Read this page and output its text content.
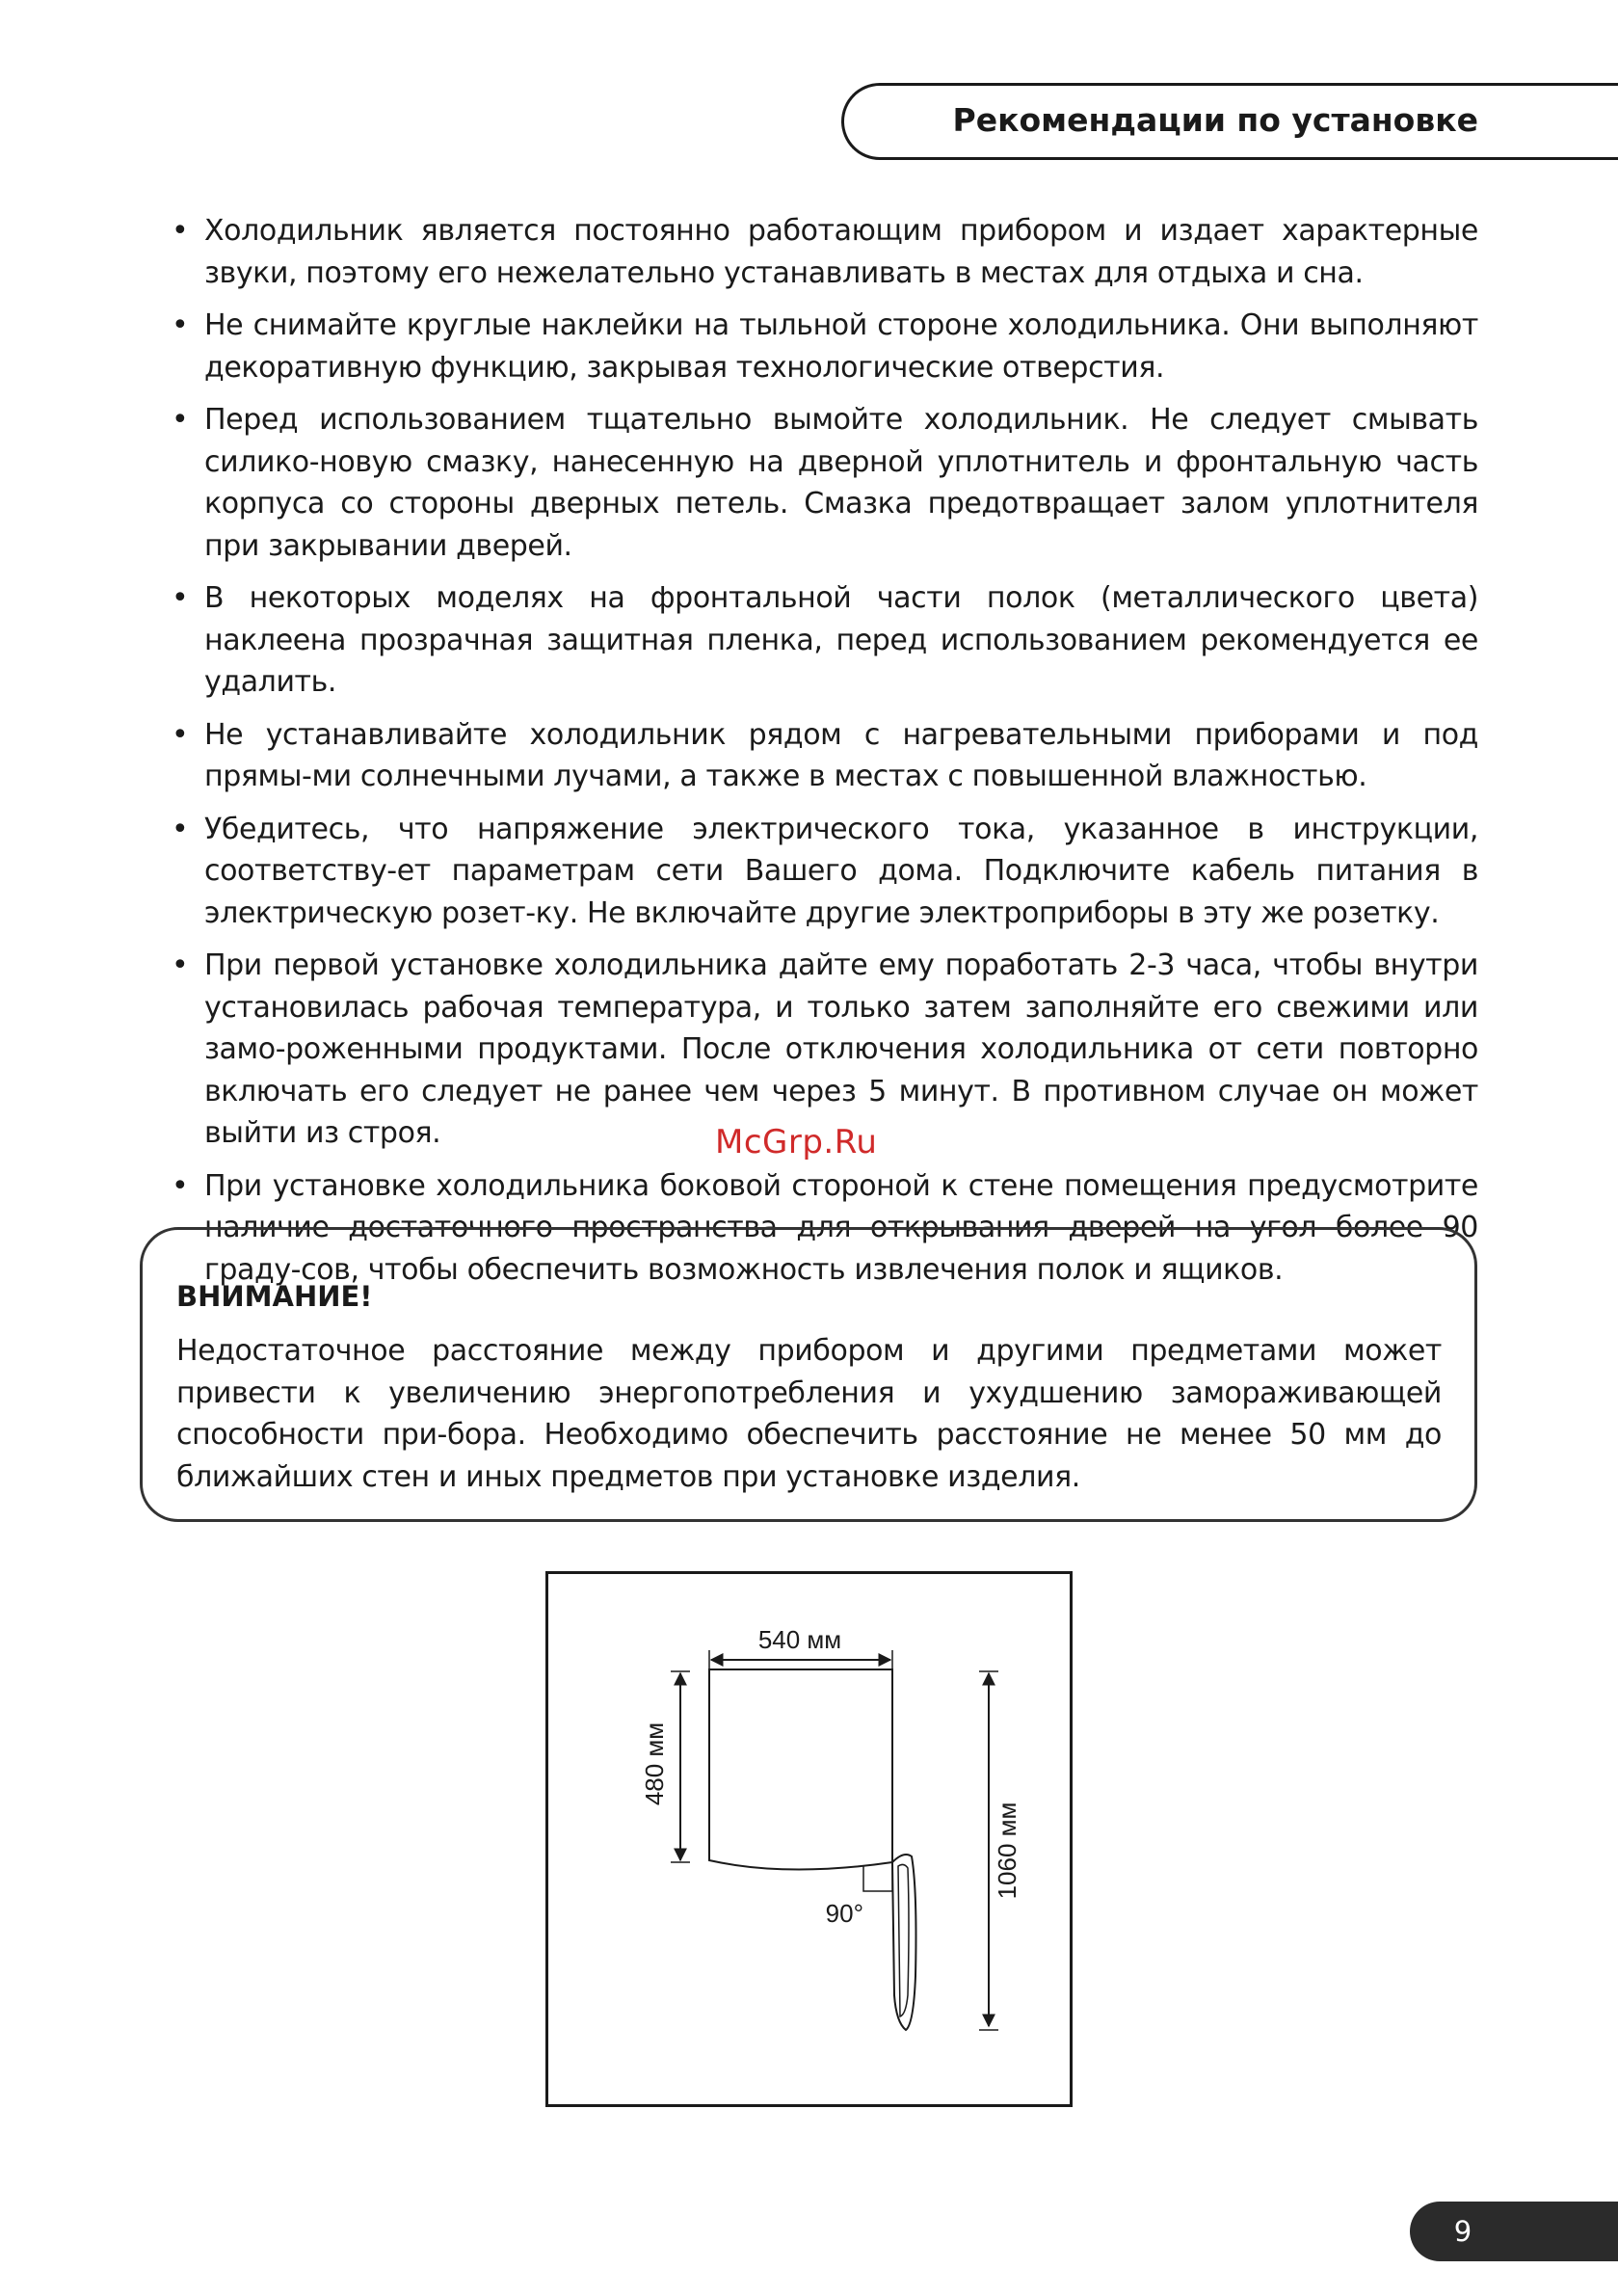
Рекомендации по установке
• Холодильник является постоянно работающим прибором и издает характерные звуки, поэтому его нежелательно устанавливать в местах для отдыха и сна.
• Не снимайте круглые наклейки на тыльной стороне холодильника. Они выполняют декоративную функцию, закрывая технологические отверстия.
• Перед использованием тщательно вымойте холодильник. Не следует смывать силико-новую смазку, нанесенную на дверной уплотнитель и фронтальную часть корпуса со стороны дверных петель. Смазка предотвращает залом уплотнителя при закрывании дверей.
• В некоторых моделях на фронтальной части полок (металлического цвета) наклеена прозрачная защитная пленка, перед использованием рекомендуется ее удалить.
• Не устанавливайте холодильник рядом с нагревательными приборами и под прямы-ми солнечными лучами, а также в местах с повышенной влажностью.
• Убедитесь, что напряжение электрического тока, указанное в инструкции, соответству-ет параметрам сети Вашего дома. Подключите кабель питания в электрическую розет-ку. Не включайте другие электроприборы в эту же розетку.
• При первой установке холодильника дайте ему поработать 2-3 часа, чтобы внутри установилась рабочая температура, и только затем заполняйте его свежими или замо-роженными продуктами. После отключения холодильника от сети повторно включать его следует не ранее чем через 5 минут. В противном случае он может выйти из строя.
• При установке холодильника боковой стороной к стене помещения предусмотрите наличие достаточного пространства для открывания дверей на угол более 90 граду-сов, чтобы обеспечить возможность извлечения полок и ящиков.
McGrp.Ru
ВНИМАНИЕ!
Недостаточное расстояние между прибором и другими предметами может привести к увеличению энергопотребления и ухудшению замораживающей способности при-бора. Необходимо обеспечить расстояние не менее 50 мм до ближайших стен и иных предметов при установке изделия.
540 мм
480 мм
1060 мм
90°
9
